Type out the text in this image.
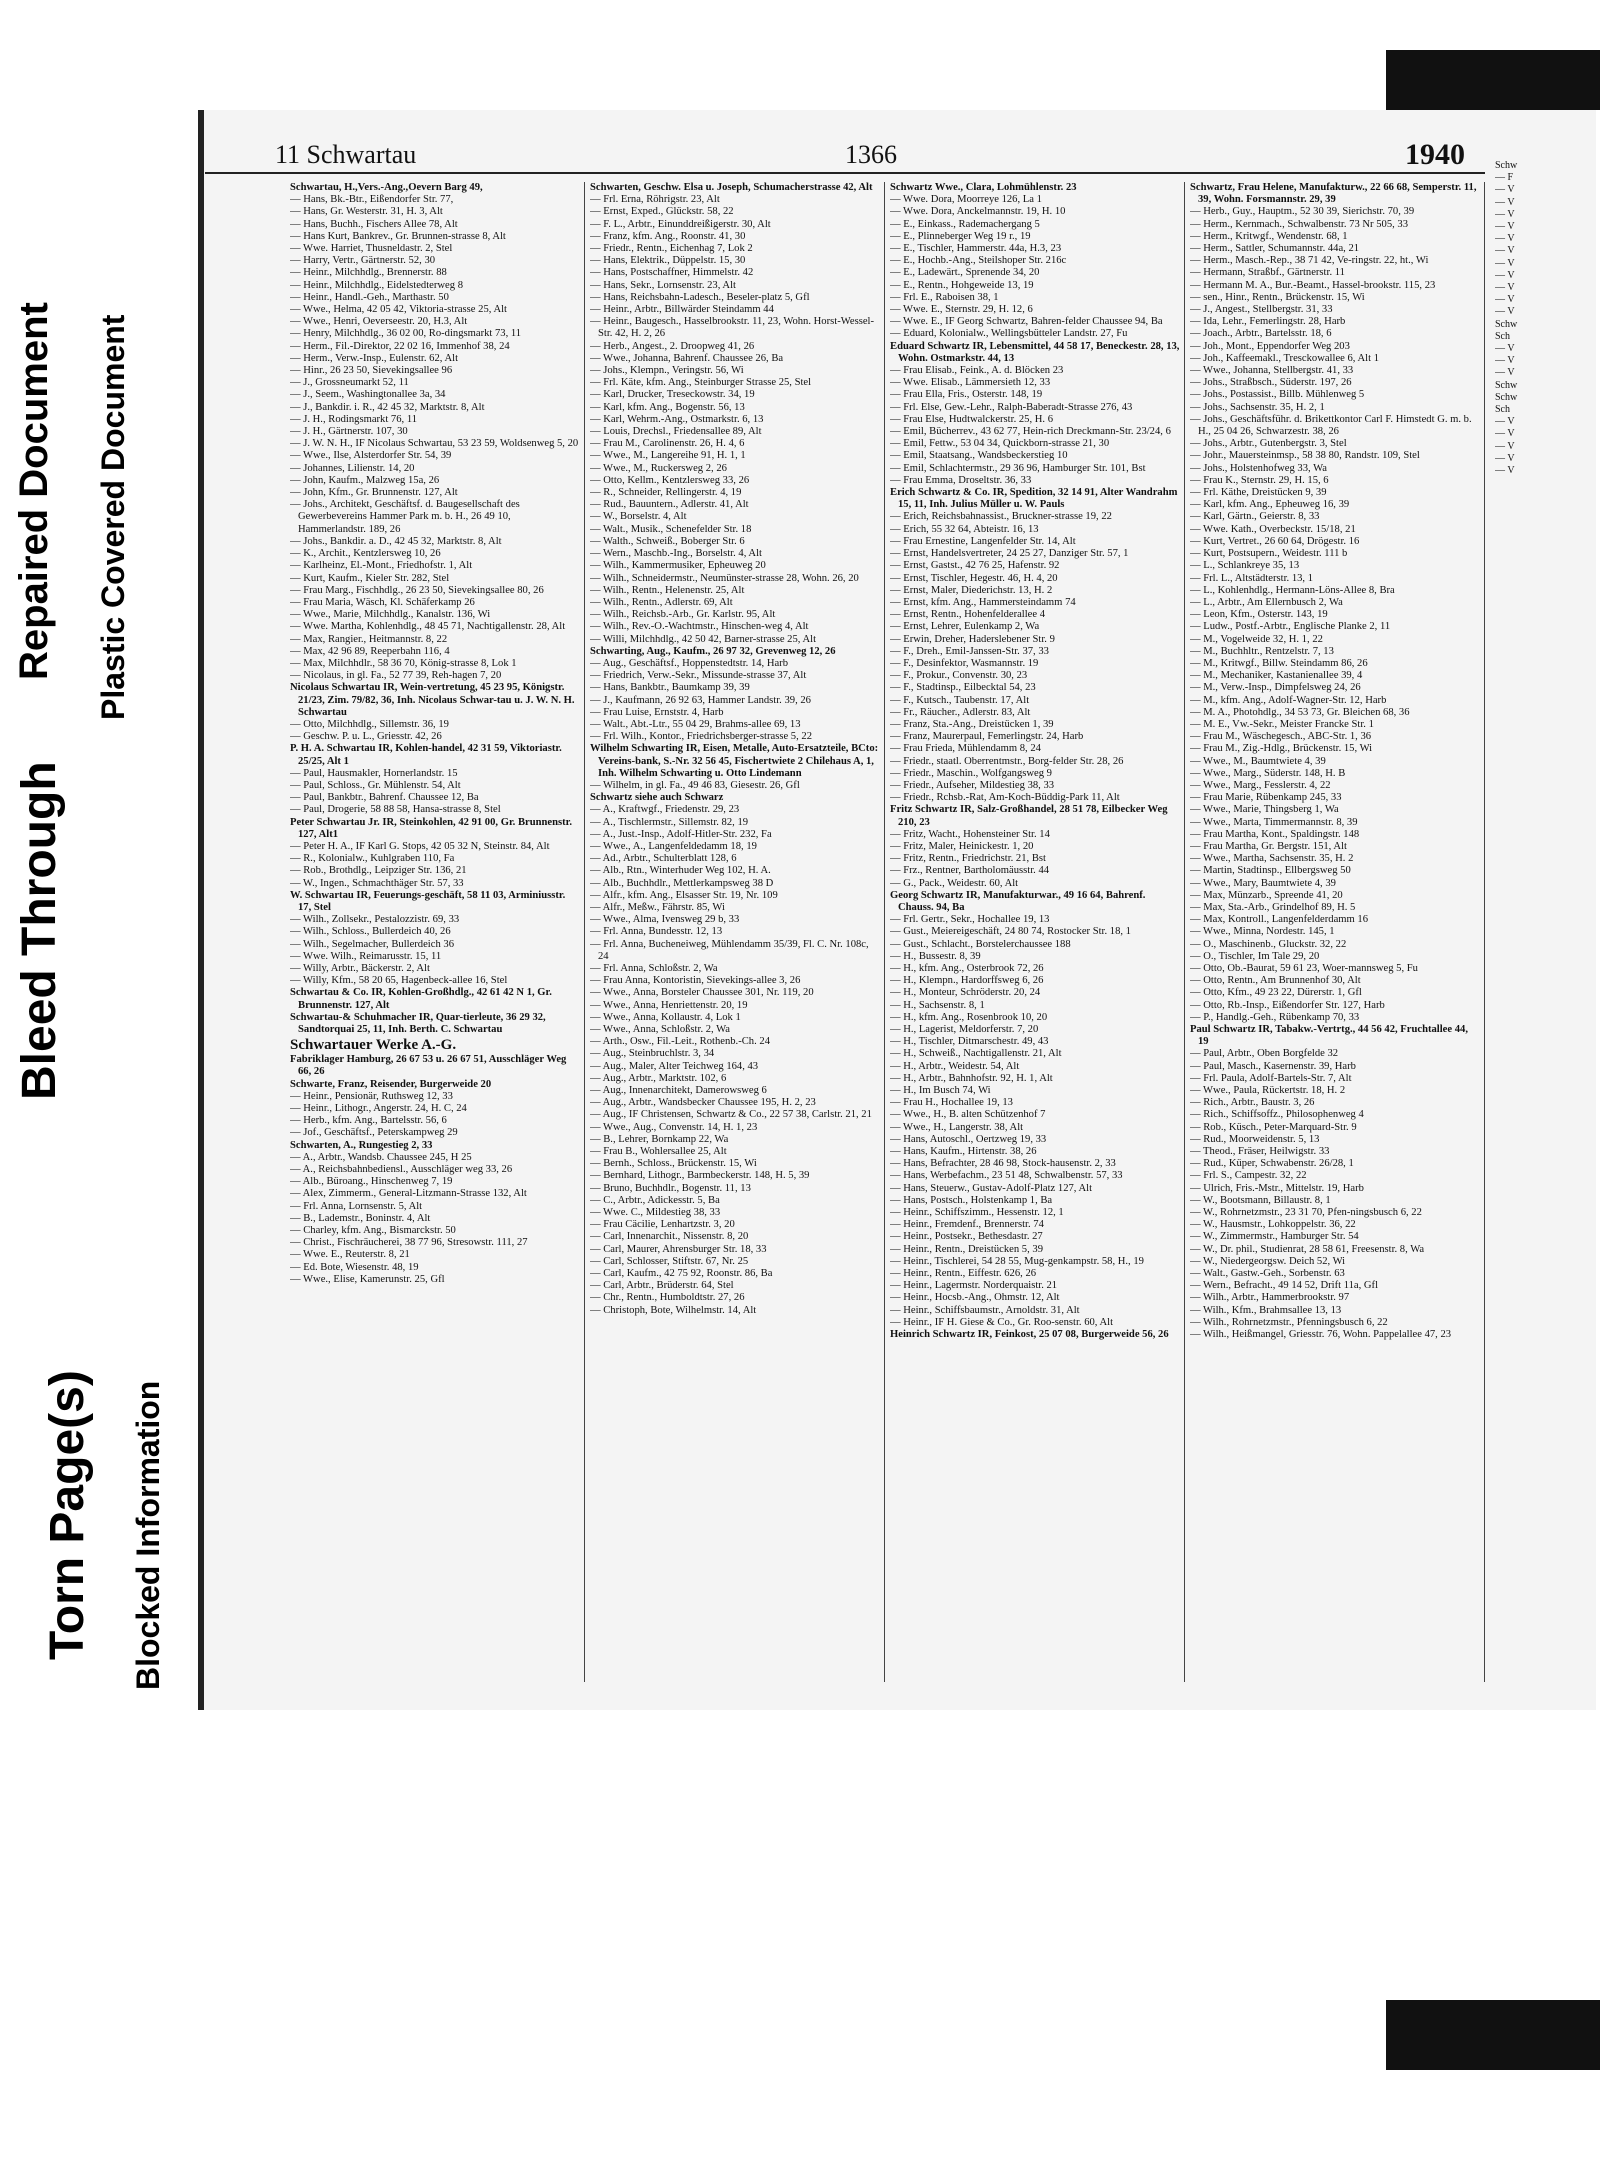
Bleed Through
Repaired Document Plastic Covered Document
Torn Page(s) Blocked Information
11 Schwartau	1366	1940

Schwartau, H.,Vers.-Ang.,Oevern Barg 49,

— Hans, Bk.-Btr., Eißendorfer Str. 77,

— Hans, Gr. Westerstr. 31, H. 3, Alt

— Hans, Buchh., Fischers Allee 78, Alt

— Hans Kurt, Bankrev., Gr. Brunnen-strasse 8, Alt

— Wwe. Harriet, Thusneldastr. 2, Stel

— Harry, Vertr., Gärtnerstr. 52, 30

— Heinr., Milchhdlg., Brennerstr. 88

— Heinr., Milchhdlg., Eidelstedterweg 8

— Heinr., Handl.-Geh., Marthastr. 50

— Wwe., Helma, 42 05 42, Viktoria-strasse 25, Alt

— Wwe., Henri, Oeverseestr. 20, H.3, Alt

— Henry, Milchhdlg., 36 02 00, Ro-dingsmarkt 73, 11

— Herm., Fil.-Direktor, 22 02 16, Immenhof 38, 24

— Herm., Verw.-Insp., Eulenstr. 62, Alt

— Hinr., 26 23 50, Sievekingsallee 96

— J., Grossneumarkt 52, 11

— J., Seem., Washingtonallee 3a, 34

— J., Bankdir. i. R., 42 45 32, Marktstr. 8, Alt

— J. H., Rodingsmarkt 76, 11

— J. H., Gärtnerstr. 107, 30

— J. W. N. H., IF Nicolaus Schwartau, 53 23 59, Woldsenweg 5, 20

— Wwe., Ilse, Alsterdorfer Str. 54, 39

— Johannes, Lilienstr. 14, 20

— John, Kaufm., Malzweg 15a, 26

— John, Kfm., Gr. Brunnenstr. 127, Alt

— Johs., Architekt, Geschäftsf. d. Baugesellschaft des Gewerbevereins Hammer Park m. b. H., 26 49 10, Hammerlandstr. 189, 26

— Johs., Bankdir. a. D., 42 45 32, Marktstr. 8, Alt

— K., Archit., Kentzlersweg 10, 26

— Karlheinz, El.-Mont., Friedhofstr. 1, Alt

— Kurt, Kaufm., Kieler Str. 282, Stel

— Frau Marg., Fischhdlg., 26 23 50, Sievekingsallee 80, 26

— Frau Maria, Wäsch, Kl. Schäferkamp 26

— Wwe., Marie, Milchhdlg., Kanalstr. 136, Wi

— Wwe. Martha, Kohlenhdlg., 48 45 71, Nachtigallenstr. 28, Alt

— Max, Rangier., Heitmannstr. 8, 22

— Max, 42 96 89, Reeperbahn 116, 4

— Max, Milchhdlr., 58 36 70, König-strasse 8, Lok 1

— Nicolaus, in gl. Fa., 52 77 39, Reh-hagen 7, 20

Nicolaus Schwartau IR, Wein-vertretung, 45 23 95, Königstr. 21/23, Zim. 79/82, 36, Inh. Nicolaus Schwar-tau u. J. W. N. H. Schwartau

— Otto, Milchhdlg., Sillemstr. 36, 19

— Geschw. P. u. L., Griesstr. 42, 26

P. H. A. Schwartau IR, Kohlen-handel, 42 31 59, Viktoriastr. 25/25, Alt 1

— Paul, Hausmakler, Hornerlandstr. 15

— Paul, Schloss., Gr. Mühlenstr. 54, Alt

— Paul, Bankbtr., Bahrenf. Chaussee 12, Ba

— Paul, Drogerie, 58 88 58, Hansa-strasse 8, Stel

Peter Schwartau Jr. IR, Steinkohlen, 42 91 00, Gr. Brunnenstr. 127, Alt1

— Peter H. A., IF Karl G. Stops, 42 05 32 N, Steinstr. 84, Alt

— R., Kolonialw., Kuhlgraben 110, Fa

— Rob., Brothdlg., Leipziger Str. 136, 21

— W., Ingen., Schmachthäger Str. 57, 33

W. Schwartau IR, Feuerungs-geschäft, 58 11 03, Arminiusstr. 17, Stel

— Wilh., Zollsekr., Pestalozzistr. 69, 33

— Wilh., Schloss., Bullerdeich 40, 26

— Wilh., Segelmacher, Bullerdeich 36

— Wwe. Wilh., Reimarusstr. 15, 11

— Willy, Arbtr., Bäckerstr. 2, Alt

— Willy, Kfm., 58 20 65, Hagenbeck-allee 16, Stel

Schwartau & Co. IR, Kohlen-Großhdlg., 42 61 42 N 1, Gr. Brunnenstr. 127, Alt

Schwartau-& Schuhmacher IR, Quar-tierleute, 36 29 32, Sandtorquai 25, 11, Inh. Berth. C. Schwartau

Schwartauer Werke A.-G.

Fabriklager Hamburg, 26 67 53 u. 26 67 51, Ausschläger Weg 66, 26

Schwarte, Franz, Reisender, Burgerweide 20

— Heinr., Pensionär, Ruthsweg 12, 33

— Heinr., Lithogr., Angerstr. 24, H. C, 24

— Herb., kfm. Ang., Bartelsstr. 56, 6

— Jof., Geschäftsf., Peterskampweg 29

Schwarten, A., Rungestieg 2, 33

— A., Arbtr., Wandsb. Chaussee 245, H 25

— A., Reichsbahnbediensl., Ausschläger weg 33, 26

— Alb., Büroang., Hinschenweg 7, 19

— Alex, Zimmerm., General-Litzmann-Strasse 132, Alt

— Frl. Anna, Lornsenstr. 5, Alt

— B., Lademstr., Boninstr. 4, Alt

— Charley, kfm. Ang., Bismarckstr. 50

— Christ., Fischräucherei, 38 77 96, Stresowstr. 111, 27

— Wwe. E., Reuterstr. 8, 21

— Ed. Bote, Wiesenstr. 48, 19

— Wwe., Elise, Kamerunstr. 25, Gfl

Schwarten, Geschw. Elsa u. Joseph, Schumacherstrasse 42, Alt

— Frl. Erna, Röhrigstr. 23, Alt

— Ernst, Exped., Glückstr. 58, 22

— F. L., Arbtr., Einunddreißigerstr. 30, Alt

— Franz, kfm. Ang., Roonstr. 41, 30

— Friedr., Rentn., Eichenhag 7, Lok 2

— Hans, Elektrik., Düppelstr. 15, 30

— Hans, Postschaffner, Himmelstr. 42

— Hans, Sekr., Lornsenstr. 23, Alt

— Hans, Reichsbahn-Ladesch., Beseler-platz 5, Gfl

— Heinr., Arbtr., Billwärder Steindamm 44

— Heinr., Baugesch., Hasselbrookstr. 11, 23, Wohn. Horst-Wessel-Str. 42, H. 2, 26

— Herb., Angest., 2. Droopweg 41, 26

— Wwe., Johanna, Bahrenf. Chaussee 26, Ba

— Johs., Klempn., Veringstr. 56, Wi

— Frl. Käte, kfm. Ang., Steinburger Strasse 25, Stel

— Karl, Drucker, Treseckowstr. 34, 19

— Karl, kfm. Ang., Bogenstr. 56, 13

— Karl, Wehrm.-Ang., Ostmarkstr. 6, 13

— Louis, Drechsl., Friedensallee 89, Alt

— Frau M., Carolinenstr. 26, H. 4, 6

— Wwe., M., Langereihe 91, H. 1, 1

— Wwe., M., Ruckersweg 2, 26

— Otto, Kellm., Kentzlersweg 33, 26

— R., Schneider, Rellingerstr. 4, 19

— Rud., Bauuntern., Adlerstr. 41, Alt

— W., Borselstr. 4, Alt

— Walt., Musik., Schenefelder Str. 18

— Walth., Schweiß., Boberger Str. 6

— Wern., Maschb.-Ing., Borselstr. 4, Alt

— Wilh., Kammermusiker, Epheuweg 20

— Wilh., Schneidermstr., Neumünster-strasse 28, Wohn. 26, 20

— Wilh., Rentn., Helenenstr. 25, Alt

— Wilh., Rentn., Adlerstr. 69, Alt

— Wilh., Reichsb.-Arb., Gr. Karlstr. 95, Alt

— Wilh., Rev.-O.-Wachtmstr., Hinschen-weg 4, Alt

— Willi, Milchhdlg., 42 50 42, Barner-strasse 25, Alt

Schwarting, Aug., Kaufm., 26 97 32, Grevenweg 12, 26

— Aug., Geschäftsf., Hoppenstedtstr. 14, Harb

— Friedrich, Verw.-Sekr., Missunde-strasse 37, Alt

— Hans, Bankbtr., Baumkamp 39, 39

— J., Kaufmann, 26 92 63, Hammer Landstr. 39, 26

— Frau Luise, Ernststr. 4, Harb

— Walt., Abt.-Ltr., 55 04 29, Brahms-allee 69, 13

— Frl. Wilh., Kontor., Friedrichsberger-strasse 5, 22

Wilhelm Schwarting IR, Eisen, Metalle, Auto-Ersatzteile, BCto: Vereins-bank, S.-Nr. 32 56 45, Fischertwiete 2 Chilehaus A, 1, Inh. Wilhelm Schwarting u. Otto Lindemann

— Wilhelm, in gl. Fa., 49 46 83, Giesestr. 26, Gfl

Schwartz siehe auch Schwarz

— A., Kraftwgf., Friedenstr. 29, 23

— A., Tischlermstr., Sillemstr. 82, 19

— A., Just.-Insp., Adolf-Hitler-Str. 232, Fa

— Wwe., A., Langenfeldedamm 18, 19

— Ad., Arbtr., Schulterblatt 128, 6

— Alb., Rtn., Winterhuder Weg 102, H. A.

— Alb., Buchhdlr., Mettlerkampsweg 38 D

— Alfr., kfm. Ang., Elsasser Str. 19, Nr. 109

— Alfr., Meßw., Fährstr. 85, Wi

— Wwe., Alma, Ivensweg 29 b, 33

— Frl. Anna, Bundesstr. 12, 13

— Frl. Anna, Bucheneiweg, Mühlendamm 35/39, Fl. C. Nr. 108c, 24

— Frl. Anna, Schloßstr. 2, Wa

— Frau Anna, Kontoristin, Sievekings-allee 3, 26

— Wwe., Anna, Borsteler Chaussee 301, Nr. 119, 20

— Wwe., Anna, Henriettenstr. 20, 19

— Wwe., Anna, Kollaustr. 4, Lok 1

— Wwe., Anna, Schloßstr. 2, Wa

— Arth., Osw., Fil.-Leit., Rothenb.-Ch. 24

— Aug., Steinbruchlstr. 3, 34

— Aug., Maler, Alter Teichweg 164, 43

— Aug., Arbtr., Marktstr. 102, 6

— Aug., Innenarchitekt, Damerowsweg 6

— Aug., Arbtr., Wandsbecker Chaussee 195, H. 2, 23

— Aug., IF Christensen, Schwartz & Co., 22 57 38, Carlstr. 21, 21

— Wwe., Aug., Convenstr. 14, H. 1, 23

— B., Lehrer, Bornkamp 22, Wa

— Frau B., Wohlersallee 25, Alt

— Bernh., Schloss., Brückenstr. 15, Wi

— Bernhard, Lithogr., Barmbeckerstr. 148, H. 5, 39

— Bruno, Buchhdlr., Bogenstr. 11, 13

— C., Arbtr., Adickesstr. 5, Ba

— Wwe. C., Mildestieg 38, 33

— Frau Cäcilie, Lenhartzstr. 3, 20

— Carl, Innenarchit., Nissenstr. 8, 20

— Carl, Maurer, Ahrensburger Str. 18, 33

— Carl, Schlosser, Stiftstr. 67, Nr. 25

— Carl, Kaufm., 42 75 92, Roonstr. 86, Ba

— Carl, Arbtr., Brüderstr. 64, Stel

— Chr., Rentn., Humboldtstr. 27, 26

— Christoph, Bote, Wilhelmstr. 14, Alt

Schwartz Wwe., Clara, Lohmühlenstr. 23

— Wwe. Dora, Moorreye 126, La 1

— Wwe. Dora, Anckelmannstr. 19, H. 10

— E., Einkass., Rademachergang 5

— E., Plinneberger Weg 19 r., 19

— E., Tischler, Hammerstr. 44a, H.3, 23

— E., Hochb.-Ang., Steilshoper Str. 216c

— E., Ladewärt., Sprenende 34, 20

— E., Rentn., Hohgeweide 13, 19

— Frl. E., Raboisen 38, 1

— Wwe. E., Sternstr. 29, H. 12, 6

— Wwe. E., IF Georg Schwartz, Bahren-felder Chaussee 94, Ba

— Eduard, Kolonialw., Wellingsbütteler Landstr. 27, Fu

Eduard Schwartz IR, Lebensmittel, 44 58 17, Beneckestr. 28, 13, Wohn. Ostmarkstr. 44, 13

— Frau Elisab., Feink., A. d. Blöcken 23

— Wwe. Elisab., Lämmersieth 12, 33

— Frau Ella, Fris., Osterstr. 148, 19

— Frl. Else, Gew.-Lehr., Ralph-Baberadt-Strasse 276, 43

— Frau Else, Hudtwalckerstr. 25, H. 6

— Emil, Bücherrev., 43 62 77, Hein-rich Dreckmann-Str. 23/24, 6

— Emil, Fettw., 53 04 34, Quickborn-strasse 21, 30

— Emil, Staatsang., Wandsbeckerstieg 10

— Emil, Schlachtermstr., 29 36 96, Hamburger Str. 101, Bst

— Frau Emma, Droseltstr. 36, 33

Erich Schwartz & Co. IR, Spedition, 32 14 91, Alter Wandrahm 15, 11, Inh. Julius Müller u. W. Pauls

— Erich, Reichsbahnassist., Bruckner-strasse 19, 22

— Erich, 55 32 64, Abteistr. 16, 13

— Frau Ernestine, Langenfelder Str. 14, Alt

— Ernst, Handelsvertreter, 24 25 27, Danziger Str. 57, 1

— Ernst, Gastst., 42 76 25, Hafenstr. 92

— Ernst, Tischler, Hegestr. 46, H. 4, 20

— Ernst, Maler, Diederichstr. 13, H. 2

— Ernst, kfm. Ang., Hammersteindamm 74

— Ernst, Rentn., Hohenfelderallee 4

— Ernst, Lehrer, Eulenkamp 2, Wa

— Erwin, Dreher, Haderslebener Str. 9

— F., Dreh., Emil-Janssen-Str. 37, 33

— F., Desinfektor, Wasmannstr. 19

— F., Prokur., Convenstr. 30, 23

— F., Stadtinsp., Eilbecktal 54, 23

— F., Kutsch., Taubenstr. 17, Alt

— Fr., Räucher., Adlerstr. 83, Alt

— Franz, Sta.-Ang., Dreistücken 1, 39

— Franz, Maurerpaul, Femerlingstr. 24, Harb

— Frau Frieda, Mühlendamm 8, 24

— Friedr., staatl. Oberrentmstr., Borg-felder Str. 28, 26

— Friedr., Maschin., Wolfgangsweg 9

— Friedr., Aufseher, Mildestieg 38, 33

— Friedr., Rchsb.-Rat, Am-Koch-Büddig-Park 11, Alt

Fritz Schwartz IR, Salz-Großhandel, 28 51 78, Eilbecker Weg 210, 23

— Fritz, Wacht., Hohensteiner Str. 14

— Fritz, Maler, Heinickestr. 1, 20

— Fritz, Rentn., Friedrichstr. 21, Bst

— Frz., Rentner, Bartholomäusstr. 44

— G., Pack., Weidestr. 60, Alt

Georg Schwartz IR, Manufakturwar., 49 16 64, Bahrenf. Chauss. 94, Ba

— Frl. Gertr., Sekr., Hochallee 19, 13

— Gust., Meiereigeschäft, 24 80 74, Rostocker Str. 18, 1

— Gust., Schlacht., Borstelerchaussee 188

— H., Bussestr. 8, 39

— H., kfm. Ang., Osterbrook 72, 26

— H., Klempn., Hardorffsweg 6, 26

— H., Monteur, Schröderstr. 20, 24

— H., Sachsenstr. 8, 1

— H., kfm. Ang., Rosenbrook 10, 20

— H., Lagerist, Meldorferstr. 7, 20

— H., Tischler, Ditmarschestr. 49, 43

— H., Schweiß., Nachtigallenstr. 21, Alt

— H., Arbtr., Weidestr. 54, Alt

— H., Arbtr., Bahnhofstr. 92, H. 1, Alt

— H., Im Busch 74, Wi

— Frau H., Hochallee 19, 13

— Wwe., H., B. alten Schützenhof 7

— Wwe., H., Langerstr. 38, Alt

— Hans, Autoschl., Oertzweg 19, 33

— Hans, Kaufm., Hirtenstr. 38, 26

— Hans, Befrachter, 28 46 98, Stock-hausenstr. 2, 33

— Hans, Werbefachm., 23 51 48, Schwalbenstr. 57, 33

— Hans, Steuerw., Gustav-Adolf-Platz 127, Alt

— Hans, Postsch., Holstenkamp 1, Ba

— Heinr., Schiffszimm., Hessenstr. 12, 1

— Heinr., Fremdenf., Brennerstr. 74

— Heinr., Postsekr., Bethesdastr. 27

— Heinr., Rentn., Dreistücken 5, 39

— Heinr., Tischlerei, 54 28 55, Mug-genkampstr. 58, H., 19

— Heinr., Rentn., Eiffestr. 626, 26

— Heinr., Lagermstr. Norderquaistr. 21

— Heinr., Hocsb.-Ang., Ohmstr. 12, Alt

— Heinr., Schiffsbaumstr., Arnoldstr. 31, Alt

— Heinr., IF H. Giese & Co., Gr. Roo-senstr. 60, Alt

Heinrich Schwartz IR, Feinkost, 25 07 08, Burgerweide 56, 26

Schwartz, Frau Helene, Manufakturw., 22 66 68, Semperstr. 11, 39, Wohn. Forsmannstr. 29, 39

— Herb., Guy., Hauptm., 52 30 39, Sierichstr. 70, 39

— Herm., Kernmach., Schwalbenstr. 73 Nr 505, 33

— Herm., Kritwgf., Wendenstr. 68, 1

— Herm., Sattler, Schumannstr. 44a, 21

— Herm., Masch.-Rep., 38 71 42, Ve-ringstr. 22, ht., Wi

— Hermann, Straßbf., Gärtnerstr. 11

— Hermann M. A., Bur.-Beamt., Hassel-brookstr. 115, 23

— sen., Hinr., Rentn., Brückenstr. 15, Wi

— J., Angest., Stellbergstr. 31, 33

— Ida, Lehr., Femerlingstr. 28, Harb

— Joach., Arbtr., Bartelsstr. 18, 6

— Joh., Mont., Eppendorfer Weg 203

— Joh., Kaffeemakl., Tresckowallee 6, Alt 1

— Wwe., Johanna, Stellbergstr. 41, 33

— Johs., Straßbsch., Süderstr. 197, 26

— Johs., Postassist., Billb. Mühlenweg 5

— Johs., Sachsenstr. 35, H. 2, 1

— Johs., Geschäftsführ. d. Brikettkontor Carl F. Himstedt G. m. b. H., 25 04 26, Schwarzestr. 38, 26

— Johs., Arbtr., Gutenbergstr. 3, Stel

— Johr., Mauersteinmsp., 58 38 80, Randstr. 109, Stel

— Johs., Holstenhofweg 33, Wa

— Frau K., Sternstr. 29, H. 15, 6

— Frl. Käthe, Dreistücken 9, 39

— Karl, kfm. Ang., Epheuweg 16, 39

— Karl, Gärtn., Geierstr. 8, 33

— Wwe. Kath., Overbeckstr. 15/18, 21

— Kurt, Vertret., 26 60 64, Drögestr. 16

— Kurt, Postsupern., Weidestr. 111 b

— L., Schlankreye 35, 13

— Frl. L., Altstädterstr. 13, 1

— L., Kohlenhdlg., Hermann-Löns-Allee 8, Bra

— L., Arbtr., Am Ellernbusch 2, Wa

— Leon, Kfm., Osterstr. 143, 19

— Ludw., Postf.-Arbtr., Englische Planke 2, 11

— M., Vogelweide 32, H. 1, 22

— M., Buchhltr., Rentzelstr. 7, 13

— M., Kritwgf., Billw. Steindamm 86, 26

— M., Mechaniker, Kastanienallee 39, 4

— M., Verw.-Insp., Dimpfelsweg 24, 26

— M., kfm. Ang., Adolf-Wagner-Str. 12, Harb

— M. A., Photohdlg., 34 53 73, Gr. Bleichen 68, 36

— M. E., Vw.-Sekr., Meister Francke Str. 1

— Frau M., Wäschegesch., ABC-Str. 1, 36

— Frau M., Zig.-Hdlg., Brückenstr. 15, Wi

— Wwe., M., Baumtwiete 4, 39

— Wwe., Marg., Süderstr. 148, H. B

— Wwe., Marg., Fesslerstr. 4, 22

— Frau Marie, Rübenkamp 245, 33

— Wwe., Marie, Thingsberg 1, Wa

— Wwe., Marta, Timmermannstr. 8, 39

— Frau Martha, Kont., Spaldingstr. 148

— Frau Martha, Gr. Bergstr. 151, Alt

— Wwe., Martha, Sachsenstr. 35, H. 2

— Martin, Stadtinsp., Ellbergsweg 50

— Wwe., Mary, Baumtwiete 4, 39

— Max, Münzarb., Spreende 41, 20

— Max, Sta.-Arb., Grindelhof 89, H. 5

— Max, Kontroll., Langenfelderdamm 16

— Wwe., Minna, Nordestr. 145, 1

— O., Maschinenb., Gluckstr. 32, 22

— O., Tischler, Im Tale 29, 20

— Otto, Ob.-Baurat, 59 61 23, Woer-mannsweg 5, Fu

— Otto, Rentn., Am Brunnenhof 30, Alt

— Otto, Kfm., 49 23 22, Dürerstr. 1, Gfl

— Otto, Rb.-Insp., Eißendorfer Str. 127, Harb

— P., Handlg.-Geh., Rübenkamp 70, 33

Paul Schwartz IR, Tabakw.-Vertrtg., 44 56 42, Fruchtallee 44, 19

— Paul, Arbtr., Oben Borgfelde 32

— Paul, Masch., Kasernenstr. 39, Harb

— Frl. Paula, Adolf-Bartels-Str. 7, Alt

— Wwe., Paula, Rückertstr. 18, H. 2

— Rich., Arbtr., Baustr. 3, 26

— Rich., Schiffsoffz., Philosophenweg 4

— Rob., Küsch., Peter-Marquard-Str. 9

— Rud., Moorweidenstr. 5, 13

— Theod., Fräser, Heilwigstr. 33

— Rud., Küper, Schwabenstr. 26/28, 1

— Frl. S., Campestr. 32, 22

— Ulrich, Fris.-Mstr., Mittelstr. 19, Harb

— W., Bootsmann, Billaustr. 8, 1

— W., Rohrnetzmstr., 23 31 70, Pfen-ningsbusch 6, 22

— W., Hausmstr., Lohkoppelstr. 36, 22

— W., Zimmermstr., Hamburger Str. 54

— W., Dr. phil., Studienrat, 28 58 61, Freesenstr. 8, Wa

— W., Niedergeorgsw. Deich 52, Wi

— Walt., Gastw.-Geh., Sorbenstr. 63

— Wern., Befracht., 49 14 52, Drift 11a, Gfl

— Wilh., Arbtr., Hammerbrookstr. 97

— Wilh., Kfm., Brahmsallee 13, 13

— Wilh., Rohrnetzmstr., Pfenningsbusch 6, 22

— Wilh., Heißmangel, Griesstr. 76, Wohn. Pappelallee 47, 23

Schw

— F

— V

— V

— V

— V

— V

— V

— V

— V

— V

— V

— V

Schw

Sch

— V

— V

— V

Schw

Schw

Sch

— V

— V

— V

— V

— V
